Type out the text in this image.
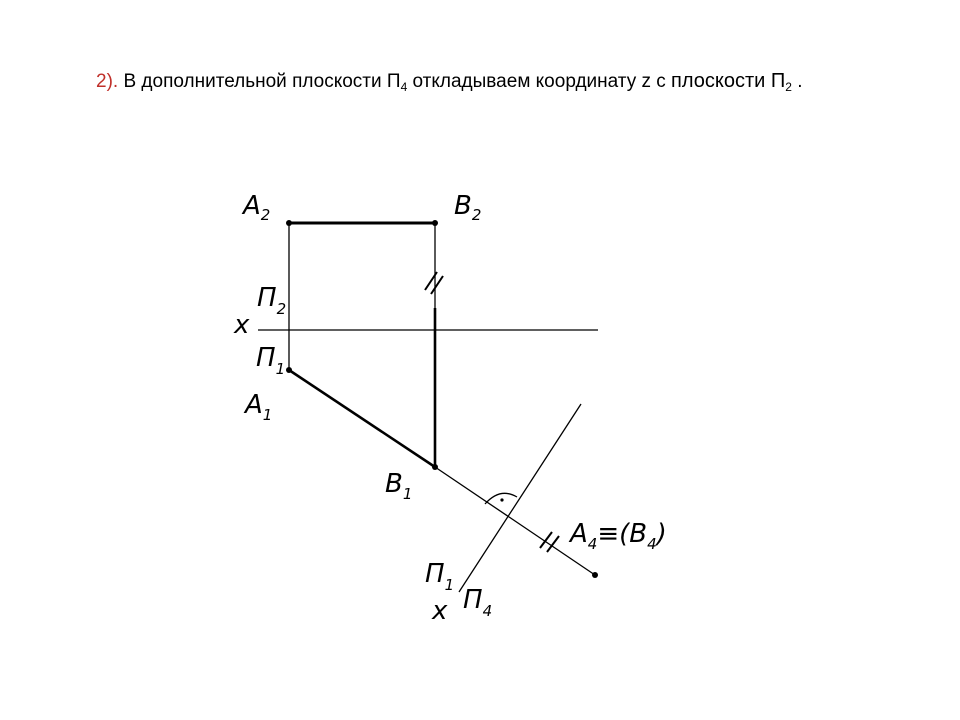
2). В дополнительной плоскости $П_4$ откладываем координату z с плоскости $П_2$ .
$A_2$	$B_2$
x
$П_2$
$П_1$
$A_1$
$B_1$
$A_4\equiv(B_4)$
$П_1$
x $П_4$
